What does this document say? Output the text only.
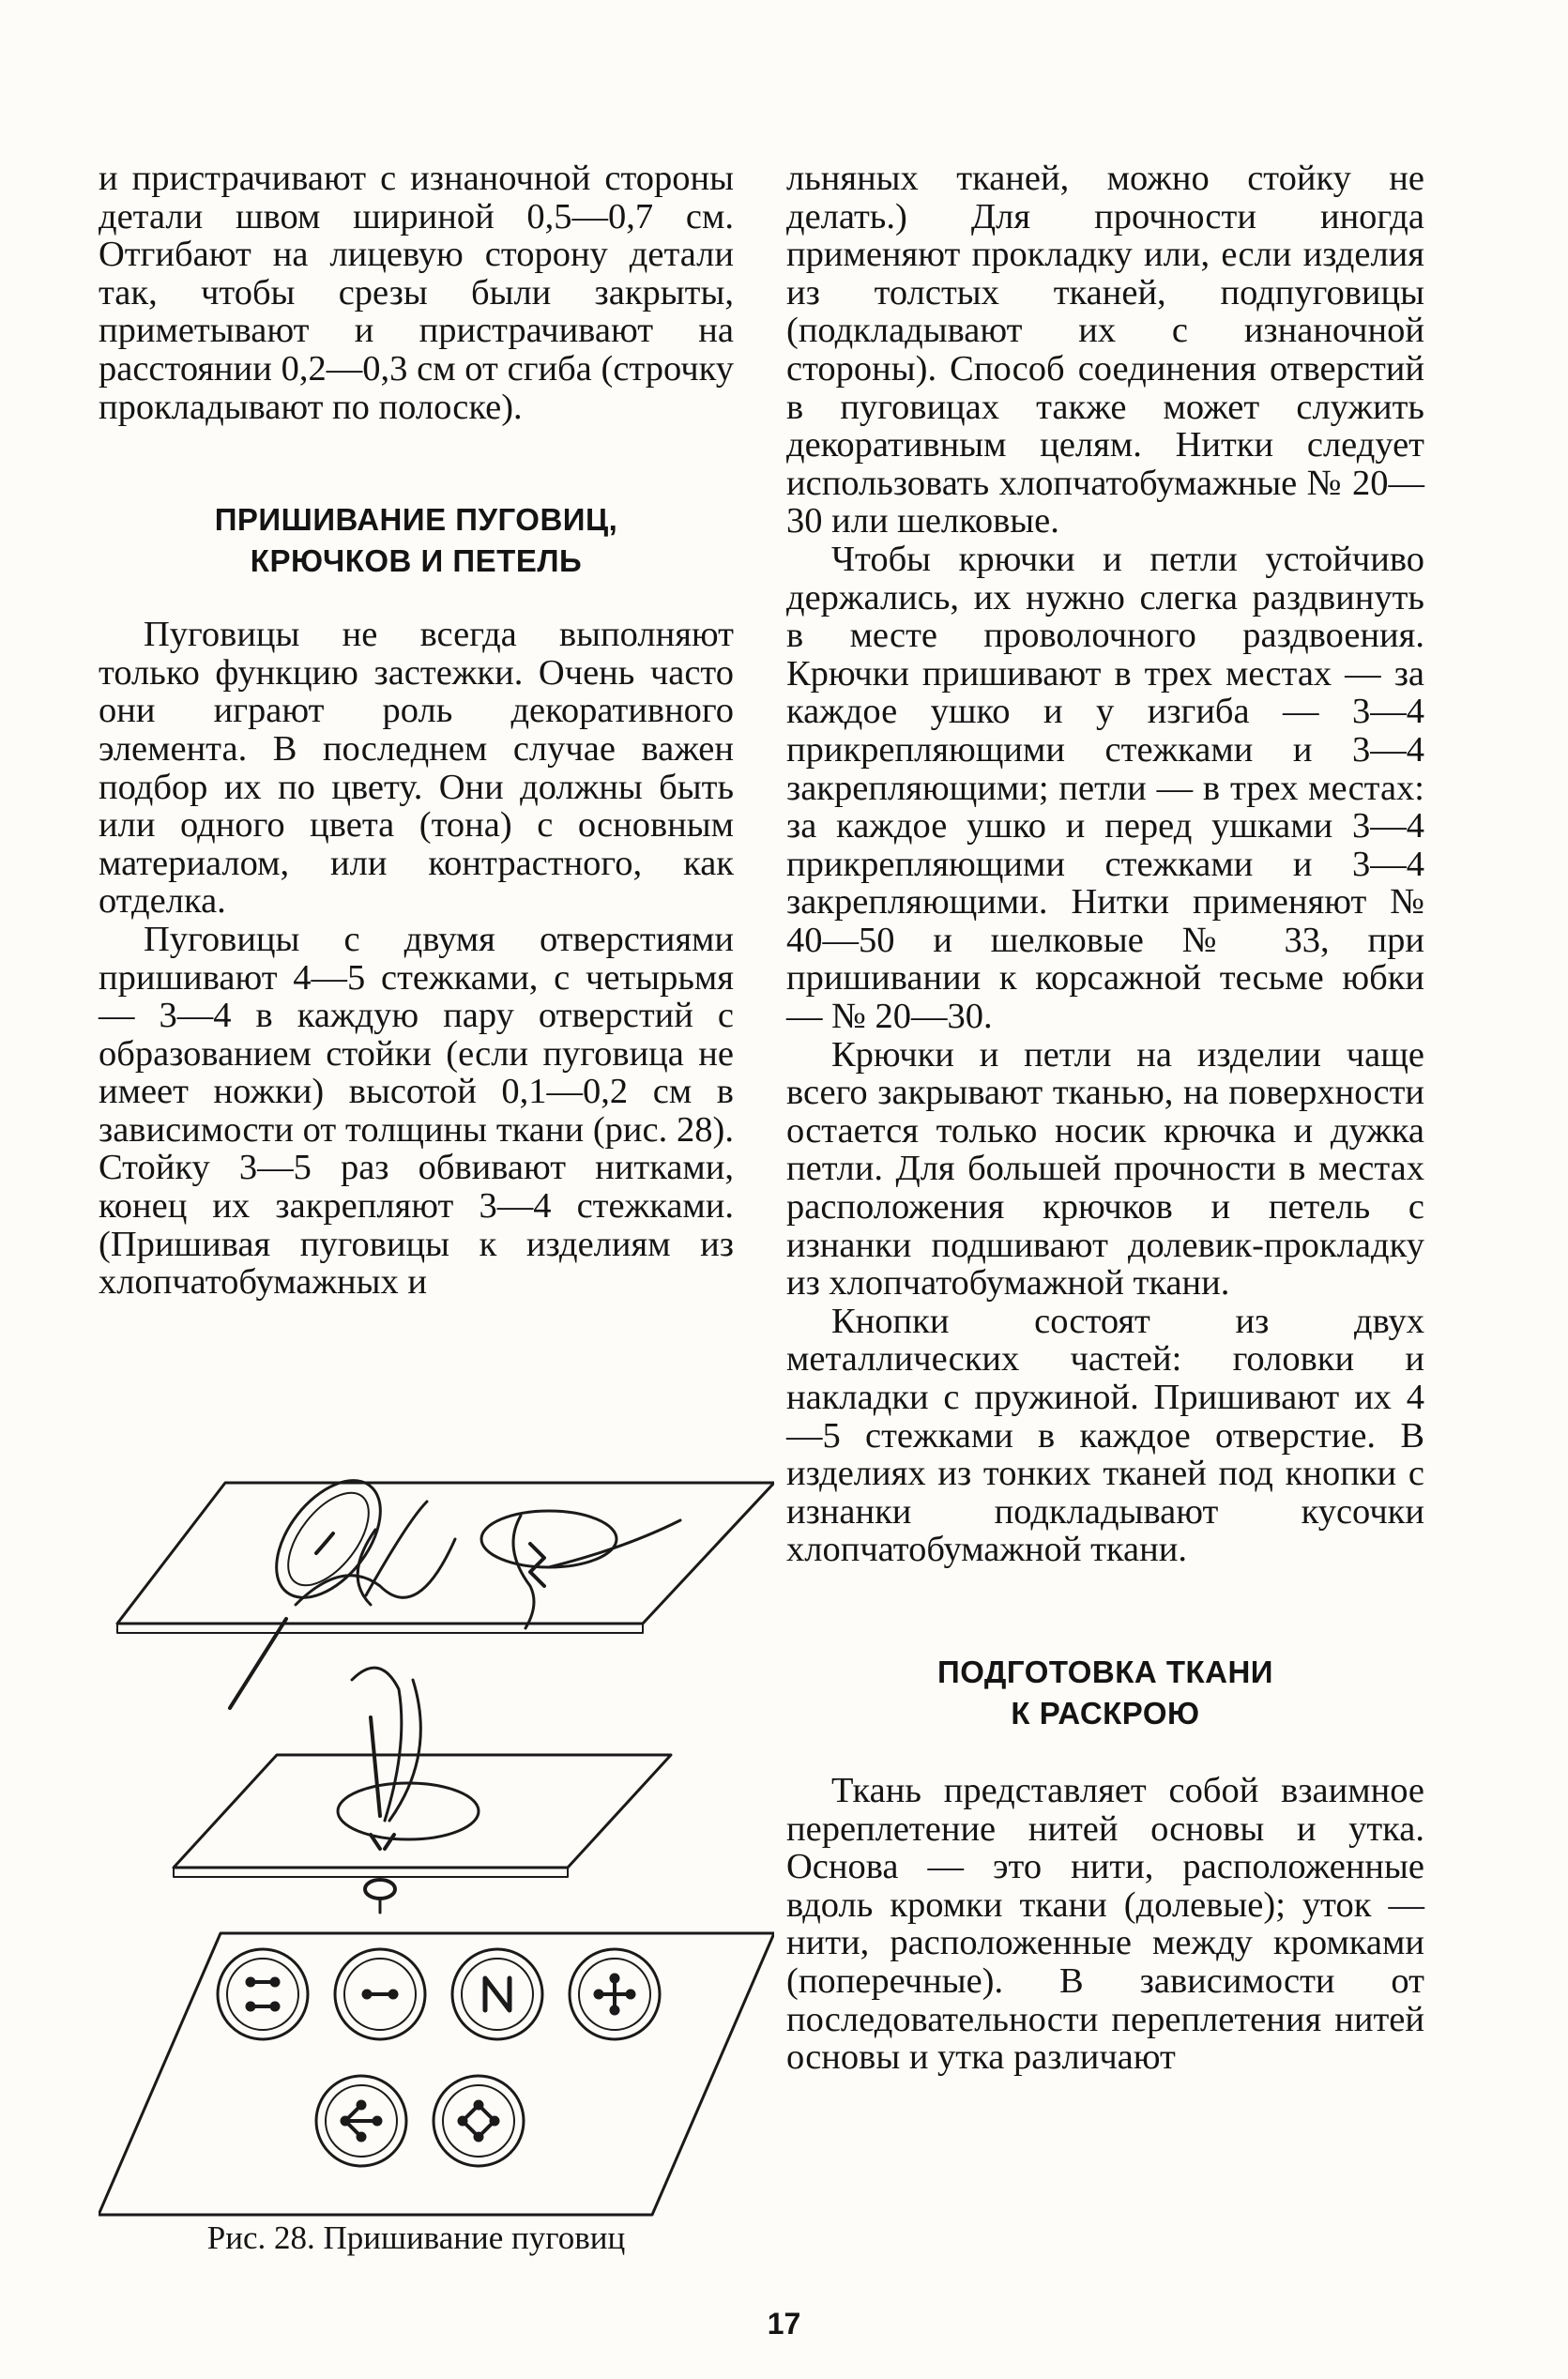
и пристрачивают с изнаночной стороны детали швом шириной 0,5—0,7 см. Отгибают на лицевую сторону детали так, чтобы срезы были закрыты, приметывают и пристрачивают на расстоянии 0,2—0,3 см от сгиба (строчку прокладывают по полоске).

ПРИШИВАНИЕ ПУГОВИЦ,
КРЮЧКОВ И ПЕТЕЛЬ

Пуговицы не всегда выполняют только функцию застежки. Очень часто они играют роль декоративного элемента. В последнем случае важен подбор их по цвету. Они должны быть или одного цвета (тона) с основным материалом, или контрастного, как отделка.

Пуговицы с двумя отверстиями пришивают 4—5 стежками, с четырьмя — 3—4 в каждую пару отверстий с образованием стойки (если пуговица не имеет ножки) высотой 0,1—0,2 см в зависимости от толщины ткани (рис. 28). Стойку 3—5 раз обвивают нитками, конец их закрепляют 3—4 стежками. (Пришивая пуговицы к изделиям из хлопчатобумажных и

льняных тканей, можно стойку не делать.) Для прочности иногда применяют прокладку или, если изделия из толстых тканей, подпуговицы (подкладывают их с изнаночной стороны). Способ соединения отверстий в пуговицах также может служить декоративным целям. Нитки следует использовать хлопчатобумажные № 20—30 или шелковые.

Чтобы крючки и петли устойчиво держались, их нужно слегка раздвинуть в месте проволочного раздвоения. Крючки пришивают в трех местах — за каждое ушко и у изгиба — 3—4 прикрепляющими стежками и 3—4 закрепляющими; петли — в трех местах: за каждое ушко и перед ушками 3—4 прикрепляющими стежками и 3—4 закрепляющими. Нитки применяют № 40—50 и шелковые № 33, при пришивании к корсажной тесьме юбки — № 20—30.

Крючки и петли на изделии чаще всего закрывают тканью, на поверхности остается только носик крючка и дужка петли. Для большей прочности в местах расположения крючков и петель с изнанки подшивают долевик-прокладку из хлопчатобумажной ткани.

Кнопки состоят из двух металлических частей: головки и накладки с пружиной. Пришивают их 4—5 стежками в каждое отверстие. В изделиях из тонких тканей под кнопки с изнанки подкладывают кусочки хлопчатобумажной ткани.

ПОДГОТОВКА ТКАНИ
К РАСКРОЮ

Ткань представляет собой взаимное переплетение нитей основы и утка. Основа — это нити, расположенные вдоль кромки ткани (долевые); уток — нити, расположенные между кромками (поперечные). В зависимости от последовательности переплетения нитей основы и утка различают

Рис. 28. Пришивание пуговиц
17
